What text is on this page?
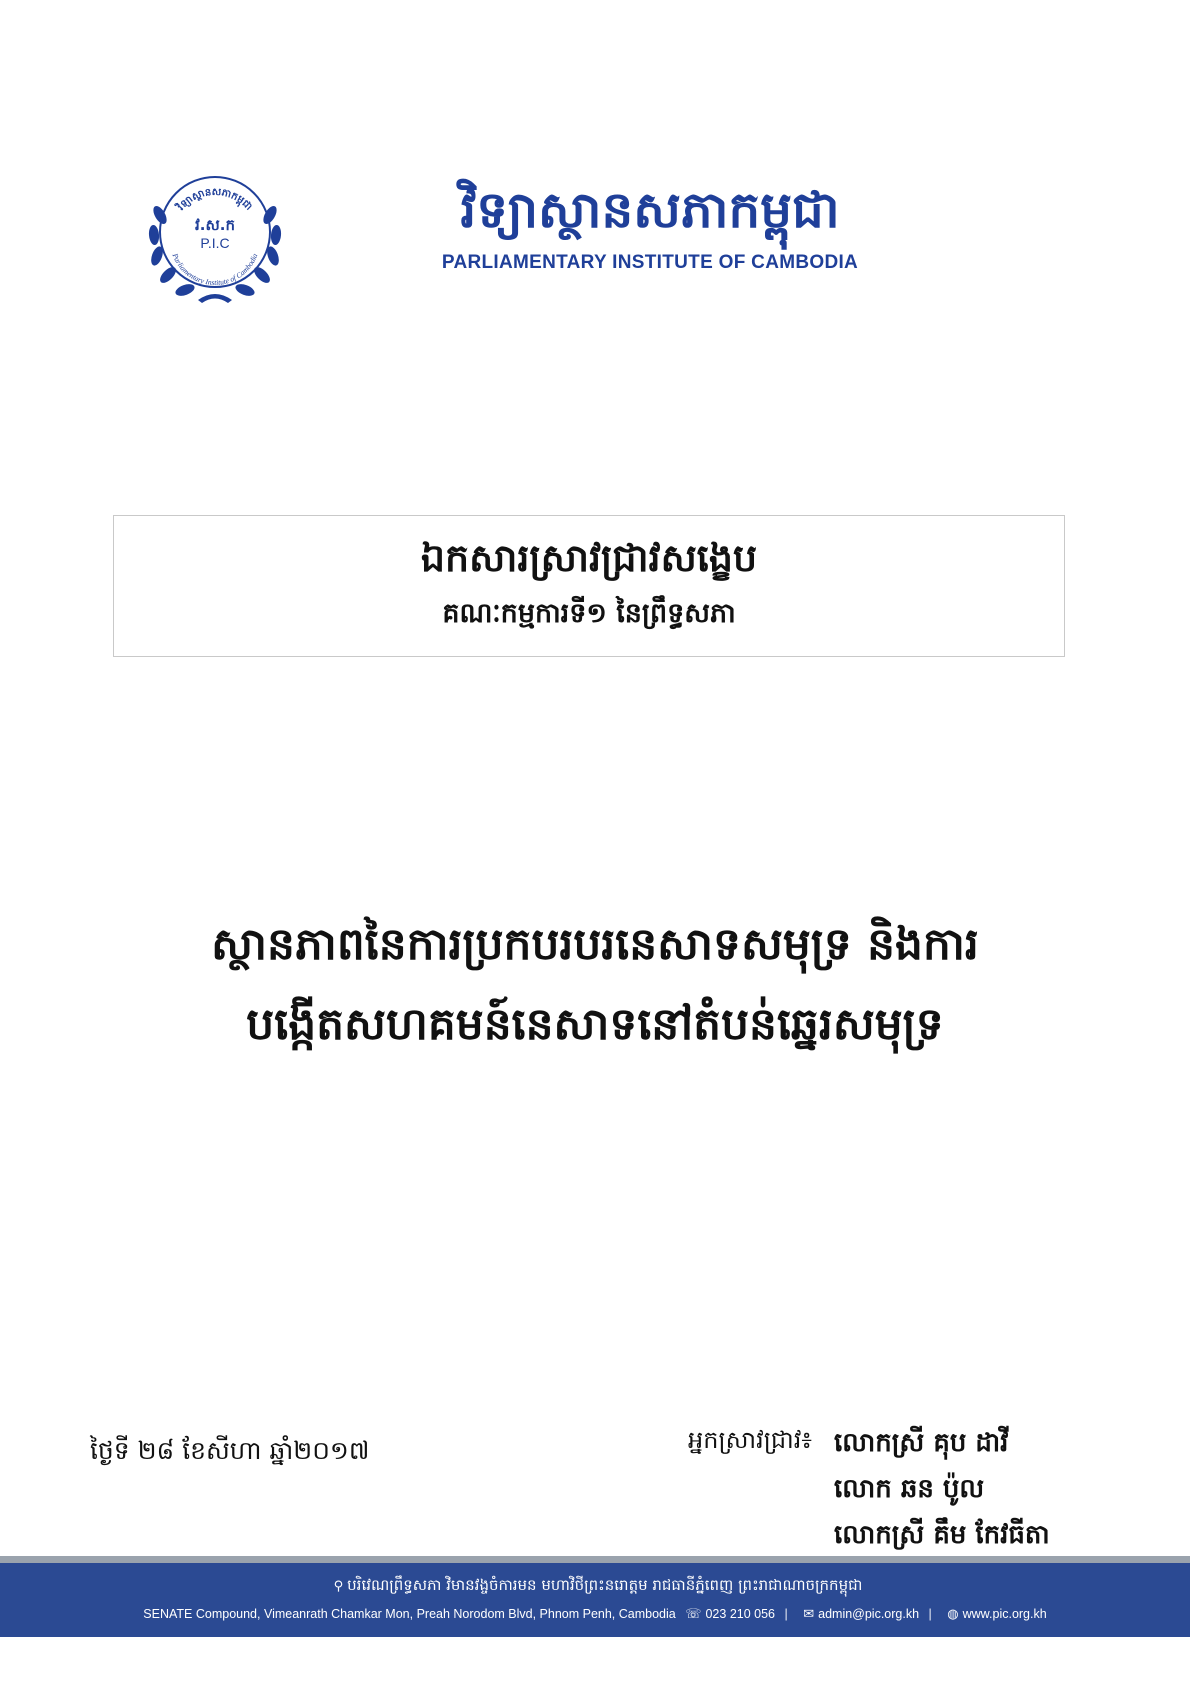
វិទ្យាស្ថានសភាកម្ពុជា
Parliamentary Institute of Cambodia
វ.ស.ក
P.I.C
វិទ្យាស្ថានសភាកម្ពុជា
PARLIAMENTARY INSTITUTE OF CAMBODIA
ឯកសារស្រាវជ្រាវសង្ខេប
គណៈកម្មការទី១ នៃព្រឹទ្ធសភា
ស្ថានភាពនៃការប្រកបរបរនេសាទសមុទ្រ និងការ
បង្កើតសហគមន៍នេសាទនៅតំបន់ឆ្នេរសមុទ្រ
ថ្ងៃទី ២៨ ខែសីហា ឆ្នាំ២០១៧	អ្នកស្រាវជ្រាវ៖ លោកស្រី គុប ដាវី
លោក ឆន ប៉ូល
លោកស្រី គឹម កែវធីតា
⚲ បរិវេណព្រឹទ្ធសភា វិមានវង្ចចំការមន មហាវិថីព្រះនរោត្តម រាជធានីភ្នំពេញ ព្រះរាជាណាចក្រកម្ពុជា
SENATE Compound, Vimeanrath Chamkar Mon, Preah Norodom Blvd, Phnom Penh, Cambodia ☏ 023 210 056 | ✉ admin@pic.org.kh | ◍ www.pic.org.kh
